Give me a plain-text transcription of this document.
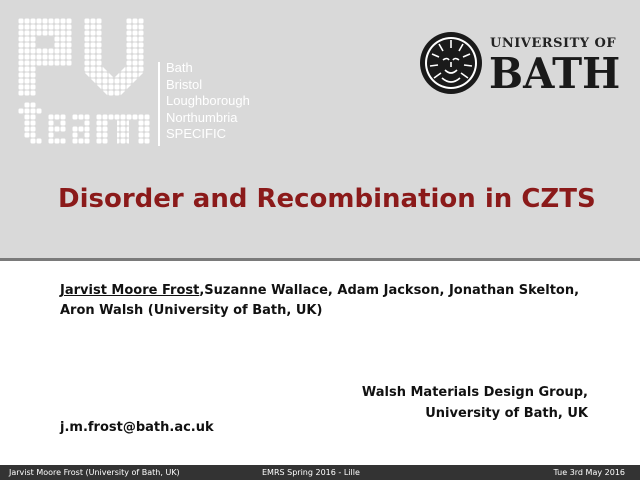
Bath
Bristol
Loughborough
Northumbria
SPECIFIC
UNIVERSITY OF
BATH
Disorder and Recombination in CZTS
Jarvist Moore Frost,Suzanne Wallace, Adam Jackson, Jonathan Skelton,
Aron Walsh (University of Bath, UK)
Walsh Materials Design Group,
University of Bath, UK
j.m.frost@bath.ac.uk
Jarvist Moore Frost (University of Bath, UK)	EMRS Spring 2016 - Lille	Tue 3rd May 2016
